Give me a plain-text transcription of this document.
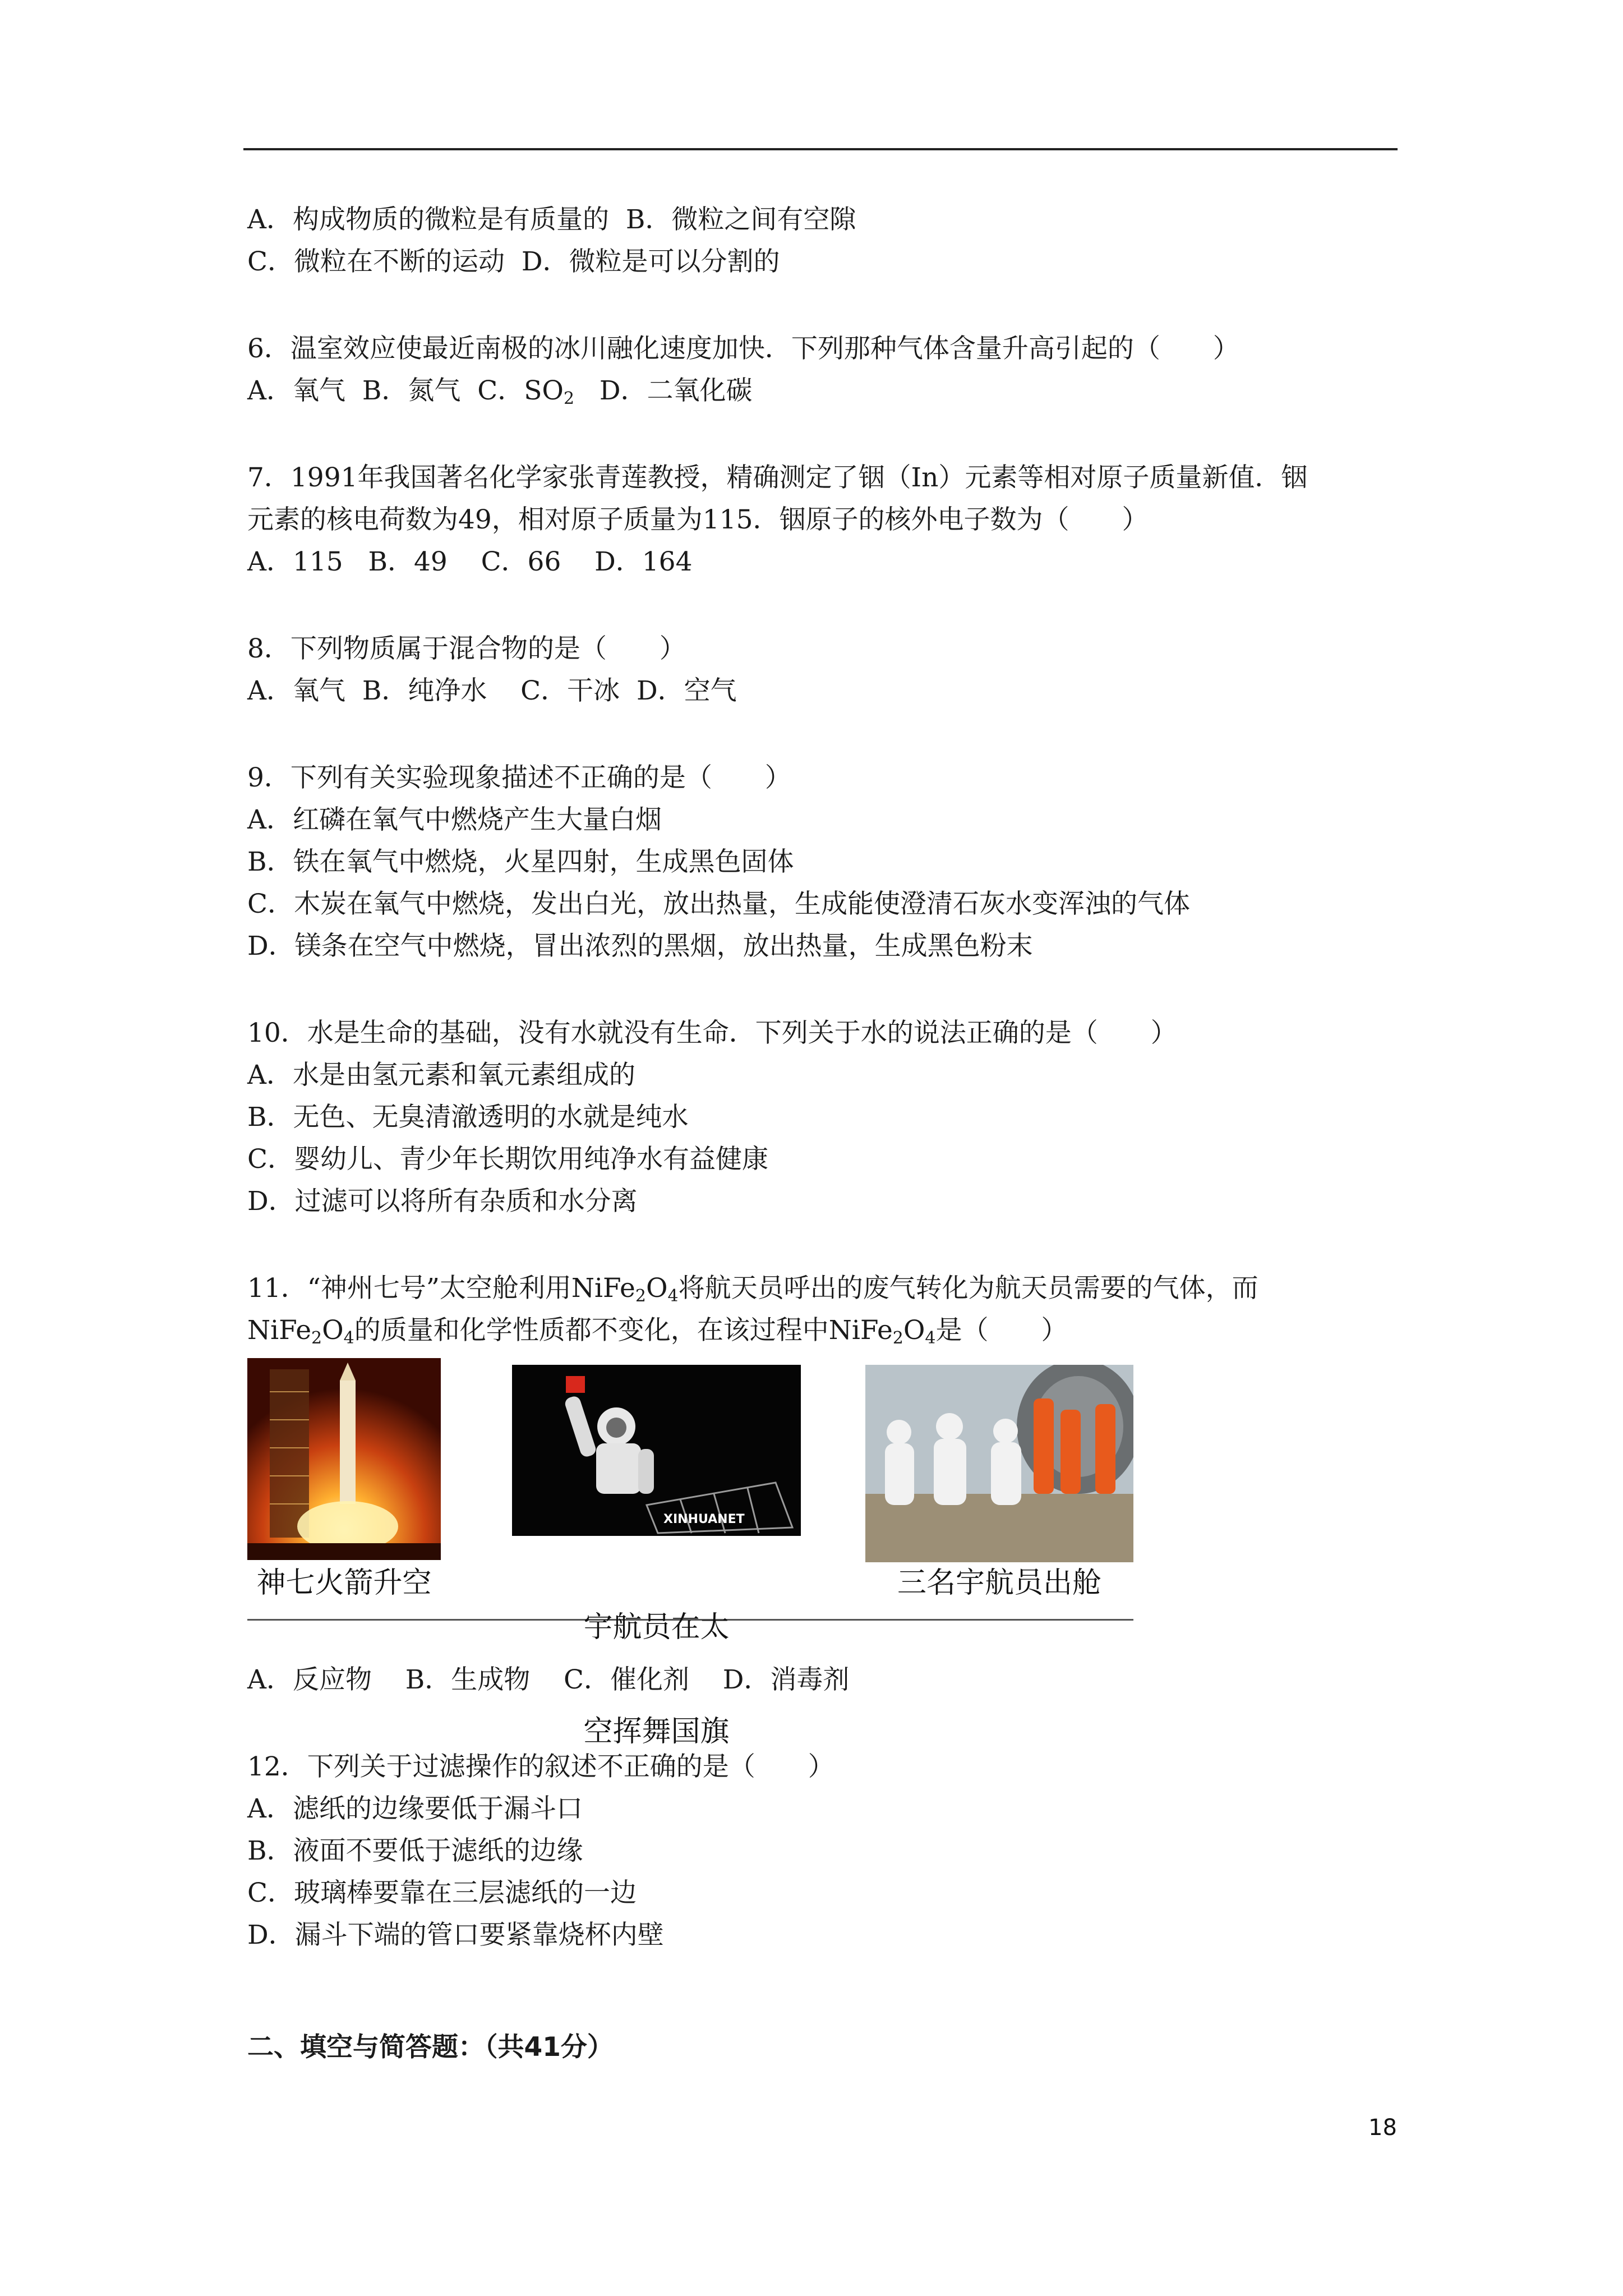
A．构成物质的微粒是有质量的  B．微粒之间有空隙
C．微粒在不断的运动  D．微粒是可以分割的
6．温室效应使最近南极的冰川融化速度加快．下列那种气体含量升高引起的（　　）
A．氧气  B．氮气  C．$SO_2$   D．二氧化碳
7．1991年我国著名化学家张青莲教授，精确测定了铟（In）元素等相对原子质量新值．铟
元素的核电荷数为49，相对原子质量为115．铟原子的核外电子数为（　　）
A．115   B．49    C．66    D．164
8．下列物质属于混合物的是（　　）
A．氧气  B．纯净水    C．干冰  D．空气
9．下列有关实验现象描述不正确的是（　　）
A．红磷在氧气中燃烧产生大量白烟
B．铁在氧气中燃烧，火星四射，生成黑色固体
C．木炭在氧气中燃烧，发出白光，放出热量，生成能使澄清石灰水变浑浊的气体
D．镁条在空气中燃烧，冒出浓烈的黑烟，放出热量，生成黑色粉末
10．水是生命的基础，没有水就没有生命．下列关于水的说法正确的是（　　）
A．水是由氢元素和氧元素组成的
B．无色、无臭清澈透明的水就是纯水
C．婴幼儿、青少年长期饮用纯净水有益健康
D．过滤可以将所有杂质和水分离
11．“神州七号”太空舱利用$NiFe_2O_4$将航天员呼出的废气转化为航天员需要的气体，而
$NiFe_2O_4$的质量和化学性质都不变化，在该过程中$NiFe_2O_4$是（　　）
神七火箭升空
XINHUANET

宇航员在太

空挥舞国旗

三名宇航员出舱
A．反应物    B．生成物    C．催化剂    D．消毒剂
12．下列关于过滤操作的叙述不正确的是（　　）
A．滤纸的边缘要低于漏斗口
B．液面不要低于滤纸的边缘
C．玻璃棒要靠在三层滤纸的一边
D．漏斗下端的管口要紧靠烧杯内壁
二、填空与简答题：（共41分）
18
